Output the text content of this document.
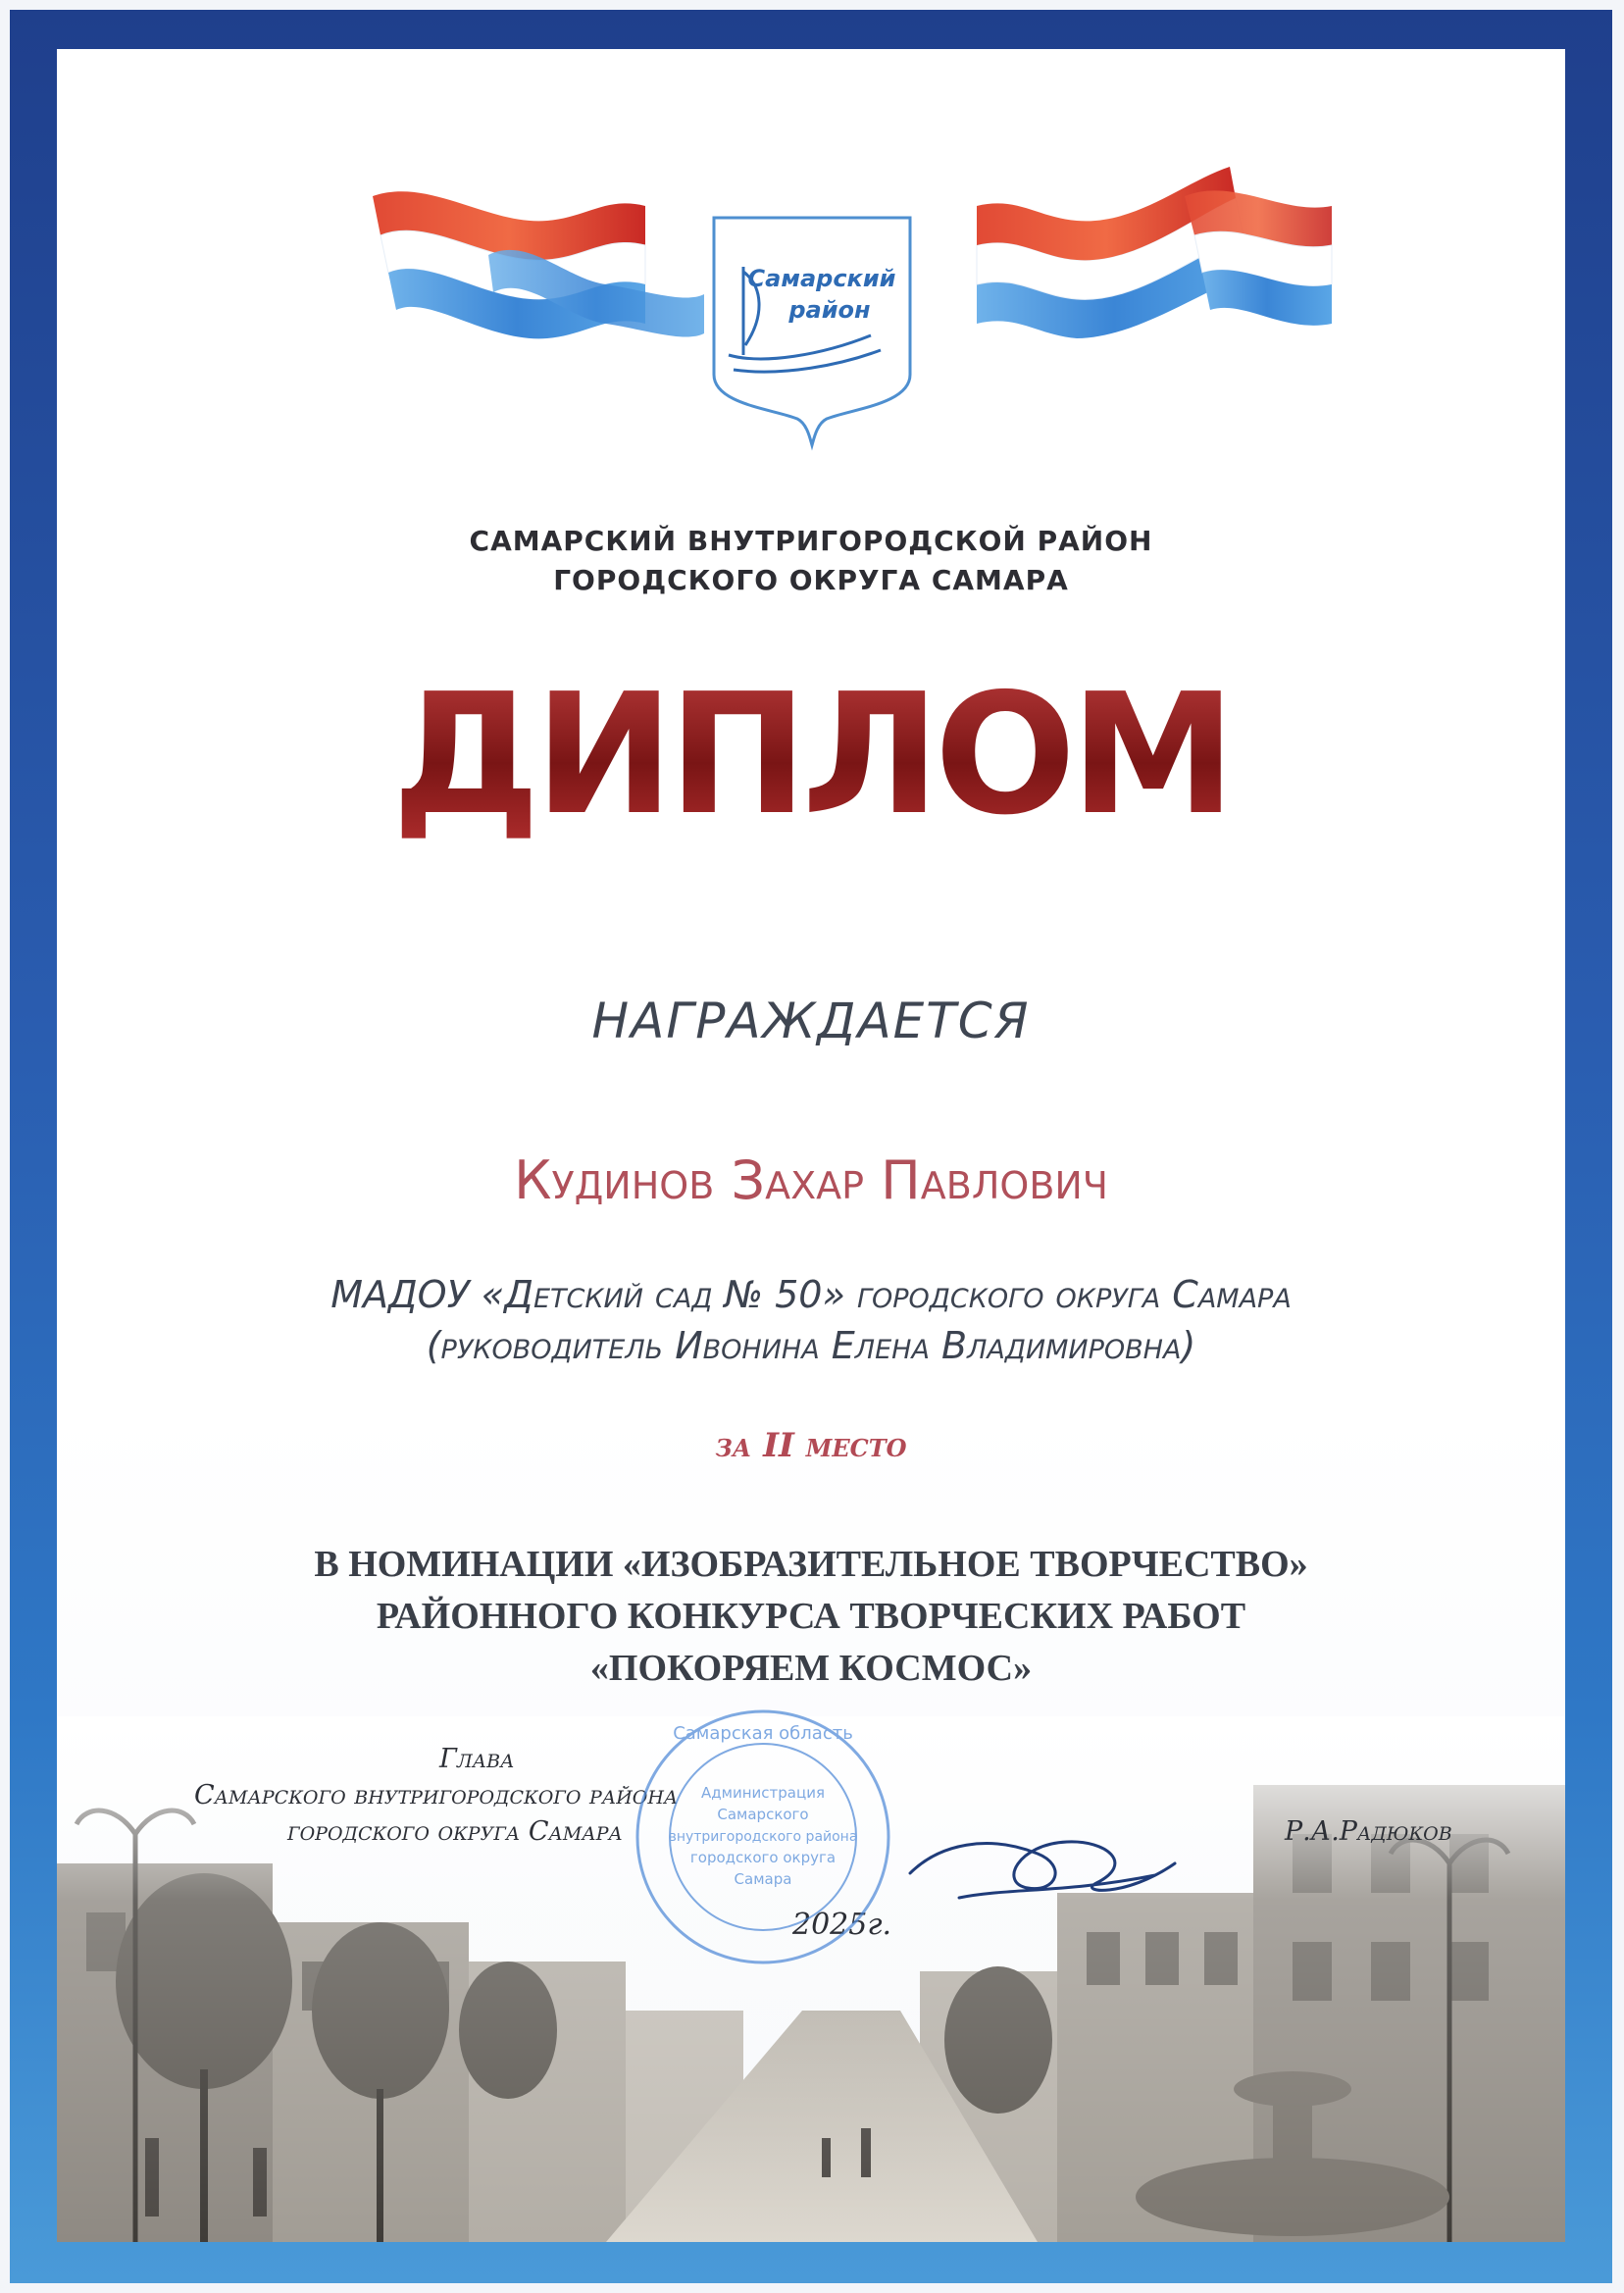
Самарский
район
САМАРСКИЙ ВНУТРИГОРОДСКОЙ РАЙОН
ГОРОДСКОГО ОКРУГА САМАРА
ДИПЛОМ
НАГРАЖДАЕТСЯ
Кудинов Захар Павлович
МАДОУ «Детский сад № 50» городского округа Самара
(руководитель Ивонина Елена Владимировна)
за II место
В НОМИНАЦИИ «ИЗОБРАЗИТЕЛЬНОЕ ТВОРЧЕСТВО»
РАЙОННОГО КОНКУРСА ТВОРЧЕСКИХ РАБОТ
«ПОКОРЯЕМ КОСМОС»
Глава
Самарского внутригородского района
городского округа Самара	Р.А.Радюков
2025г.
Самарская область
Администрация
Самарского
внутригородского района
городского округа
Самара
